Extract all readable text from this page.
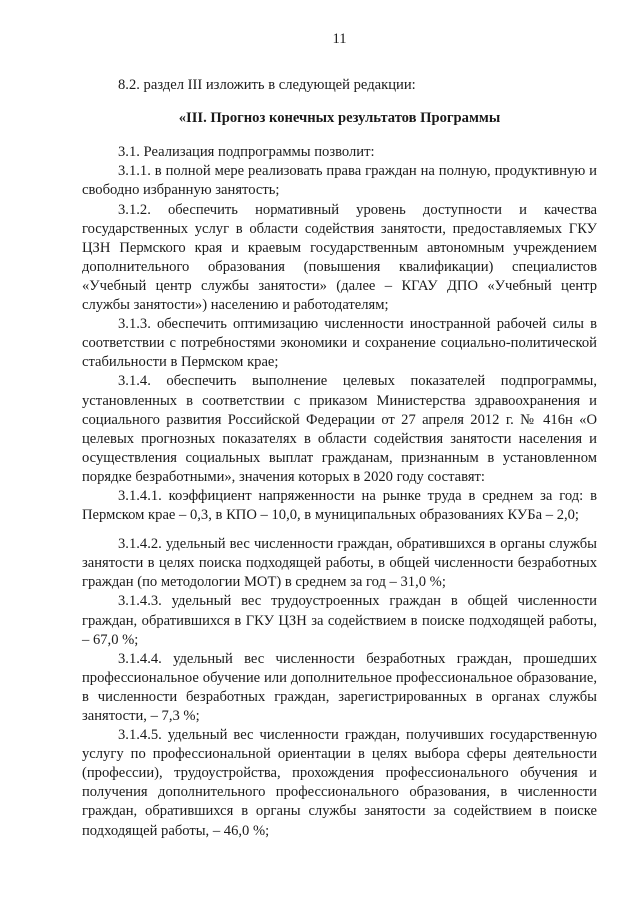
11

8.2. раздел III изложить в следующей редакции:

«III. Прогноз конечных результатов Программы

3.1. Реализация подпрограммы позволит:

3.1.1. в полной мере реализовать права граждан на полную, продуктивную и свободно избранную занятость;

3.1.2. обеспечить нормативный уровень доступности и качества государственных услуг в области содействия занятости, предоставляемых ГКУ ЦЗН Пермского края и краевым государственным автономным учреждением дополнительного образования (повышения квалификации) специалистов «Учебный центр службы занятости» (далее – КГАУ ДПО «Учебный центр службы занятости») населению и работодателям;

3.1.3. обеспечить оптимизацию численности иностранной рабочей силы в соответствии с потребностями экономики и сохранение социально-политической стабильности в Пермском крае;

3.1.4. обеспечить выполнение целевых показателей подпрограммы, установленных в соответствии с приказом Министерства здравоохранения и социального развития Российской Федерации от 27 апреля 2012 г. № 416н «О целевых прогнозных показателях в области содействия занятости населения и осуществления социальных выплат гражданам, признанным в установленном порядке безработными», значения которых в 2020 году составят:

3.1.4.1. коэффициент напряженности на рынке труда в среднем за год: в Пермском крае – 0,3, в КПО – 10,0, в муниципальных образованиях КУБа – 2,0;

3.1.4.2. удельный вес численности граждан, обратившихся в органы службы занятости в целях поиска подходящей работы, в общей численности безработных граждан (по методологии МОТ) в среднем за год – 31,0 %;

3.1.4.3. удельный вес трудоустроенных граждан в общей численности граждан, обратившихся в ГКУ ЦЗН за содействием в поиске подходящей работы, – 67,0 %;

3.1.4.4. удельный вес численности безработных граждан, прошедших профессиональное обучение или дополнительное профессиональное образование, в численности безработных граждан, зарегистрированных в органах службы занятости, – 7,3 %;

3.1.4.5. удельный вес численности граждан, получивших государственную услугу по профессиональной ориентации в целях выбора сферы деятельности (профессии), трудоустройства, прохождения профессионального обучения и получения дополнительного профессионального образования, в численности граждан, обратившихся в органы службы занятости за содействием в поиске подходящей работы, – 46,0 %;
